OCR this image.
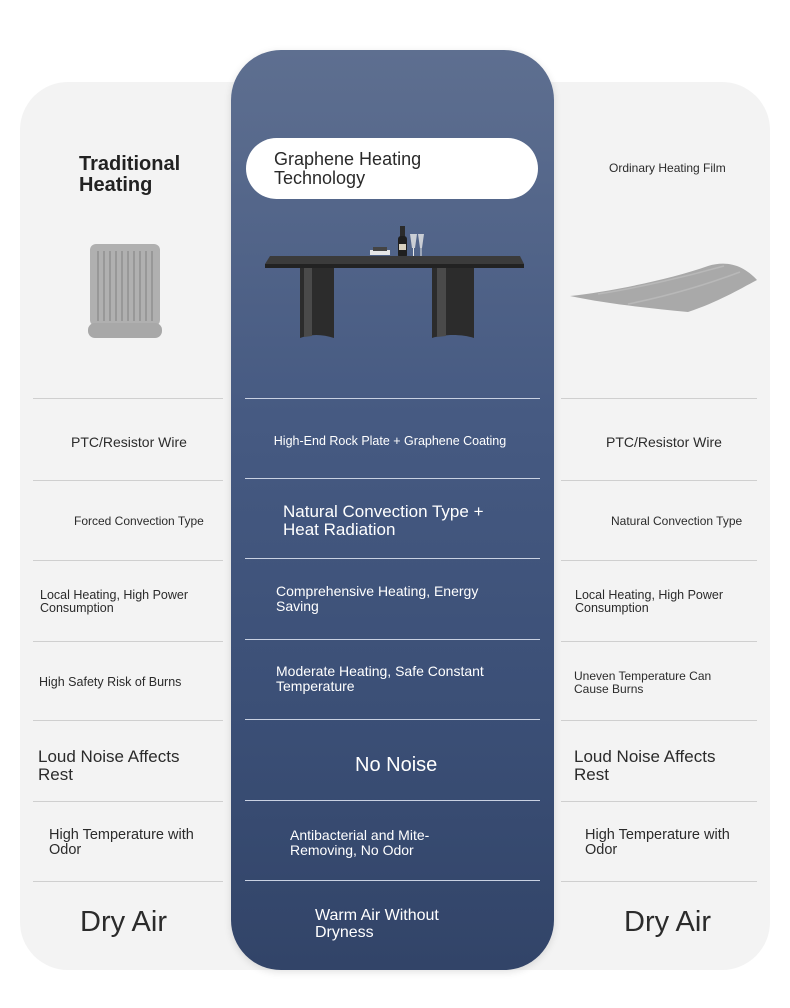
Traditional Heating
PTC/Resistor Wire
Forced Convection Type
Local Heating, High Power Consumption
High Safety Risk of Burns
Loud Noise Affects Rest
High Temperature with Odor
Dry Air
Graphene Heating Technology
High-End Rock Plate + Graphene Coating
Natural Convection Type + Heat Radiation
Comprehensive Heating, Energy Saving
Moderate Heating, Safe Constant Temperature
No Noise
Antibacterial and Mite-Removing, No Odor
Warm Air Without Dryness
Ordinary Heating Film
PTC/Resistor Wire
Natural Convection Type
Local Heating, High Power Consumption
Uneven Temperature Can Cause Burns
Loud Noise Affects Rest
High Temperature with Odor
Dry Air
